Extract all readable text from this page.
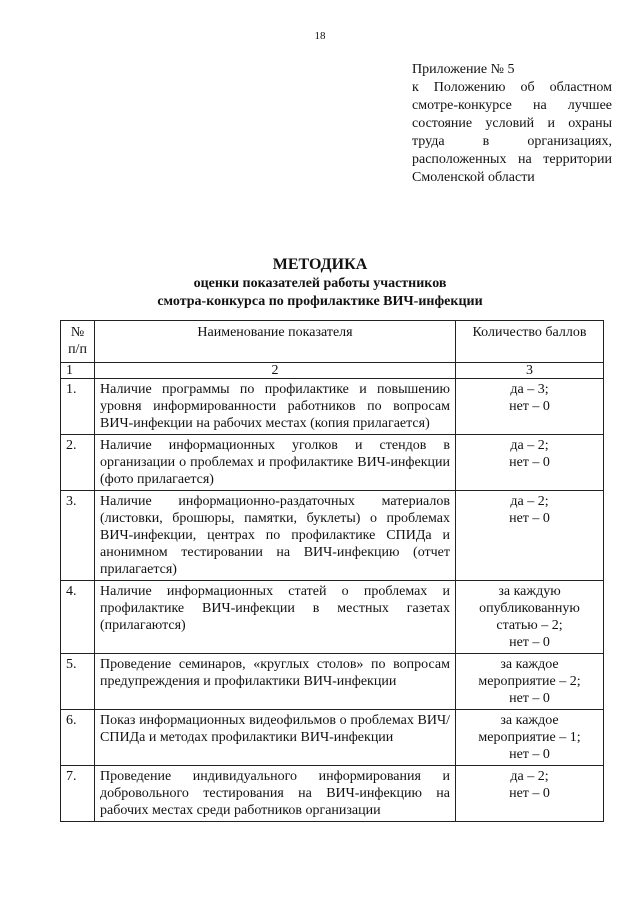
18
Приложение № 5
к Положению об областном
смотре-конкурсе на лучшее
состояние условий и охраны
труда в организациях,
расположенных на территории
Смоленской области
МЕТОДИКА
оценки показателей работы участников
смотра-конкурса по профилактике ВИЧ-инфекции
№ п/п	Наименование показателя	Количество баллов
1	2	3
1.	Наличие программы по профилактике и повышению уровня информированности работников по вопросам ВИЧ-инфекции на рабочих местах (копия прилагается)	да – 3;
нет – 0

2.	Наличие информационных уголков и стендов в организации о проблемах и профилактике ВИЧ-инфекции (фото прилагается)	да – 2;
нет – 0

3.	Наличие информационно-раздаточных материалов (листовки, брошюры, памятки, буклеты) о проблемах ВИЧ-инфекции, центрах по профилактике СПИДа и анонимном тестировании на ВИЧ-инфекцию (отчет прилагается)	да – 2;
нет – 0

4.	Наличие информационных статей о проблемах и профилактике ВИЧ-инфекции в местных газетах (прилагаются)	за каждую
опубликованную
статью – 2;
нет – 0

5.	Проведение семинаров, «круглых столов» по вопросам предупреждения и профилактики ВИЧ-инфекции	за каждое
мероприятие – 2;
нет – 0

6.	Показ информационных видеофильмов о проблемах ВИЧ/СПИДа и методах профилактики ВИЧ-инфекции	за каждое
мероприятие – 1;
нет – 0

7.	Проведение индивидуального информирования и добровольного тестирования на ВИЧ-инфекцию на рабочих местах среди работников организации	да – 2;
нет – 0
